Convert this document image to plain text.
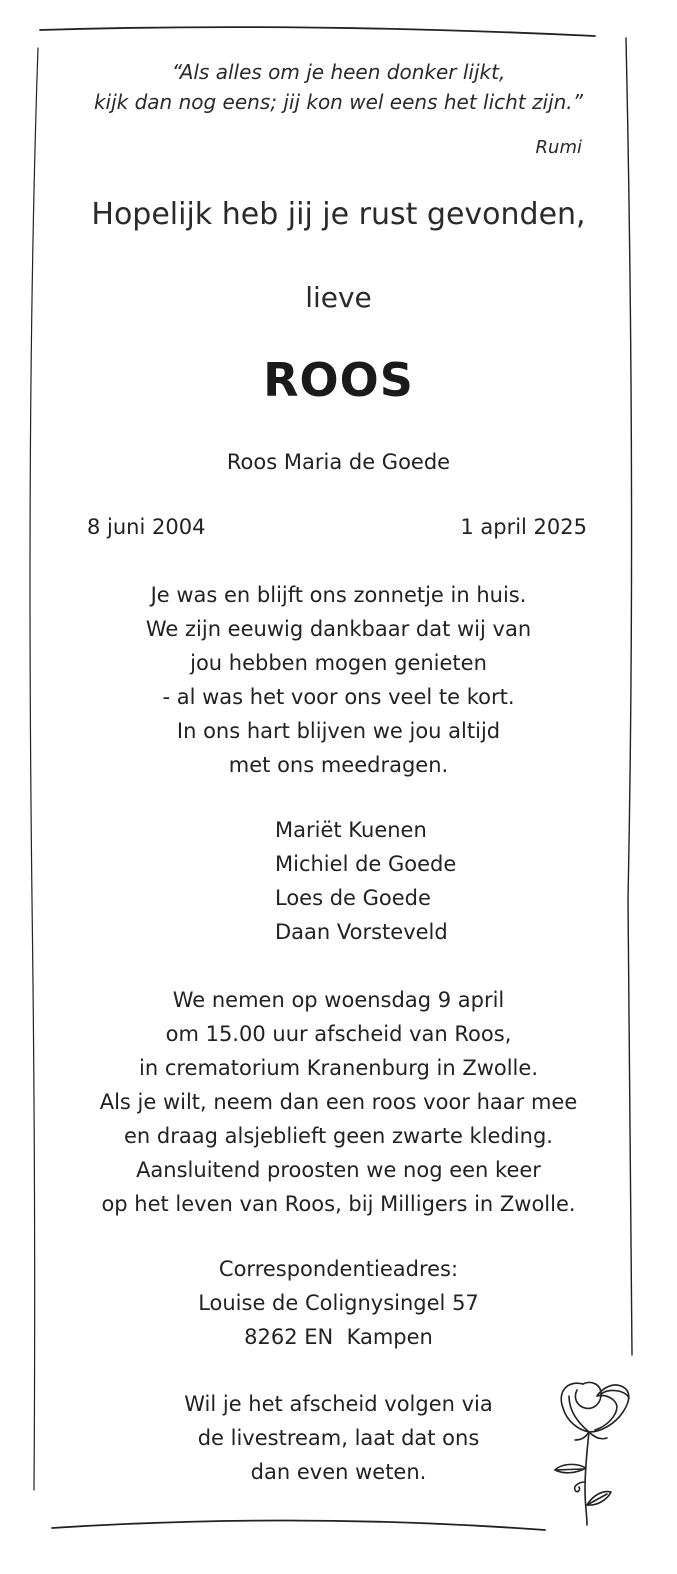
“Als alles om je heen donker lijkt,
kijk dan nog eens; jij kon wel eens het licht zijn.”
Rumi
Hopelijk heb jij je rust gevonden,
lieve
ROOS
Roos Maria de Goede
8 juni 2004	1 april 2025
Je was en blijft ons zonnetje in huis.
We zijn eeuwig dankbaar dat wij van
jou hebben mogen genieten
- al was het voor ons veel te kort.
In ons hart blijven we jou altijd
met ons meedragen.
Mariët Kuenen
Michiel de Goede
Loes de Goede
Daan Vorsteveld
We nemen op woensdag 9 april
om 15.00 uur afscheid van Roos,
in crematorium Kranenburg in Zwolle.
Als je wilt, neem dan een roos voor haar mee
en draag alsjeblieft geen zwarte kleding.
Aansluitend proosten we nog een keer
op het leven van Roos, bij Milligers in Zwolle.
Correspondentieadres:
Louise de Colignysingel 57
8262 EN  Kampen
Wil je het afscheid volgen via
de livestream, laat dat ons
dan even weten.
